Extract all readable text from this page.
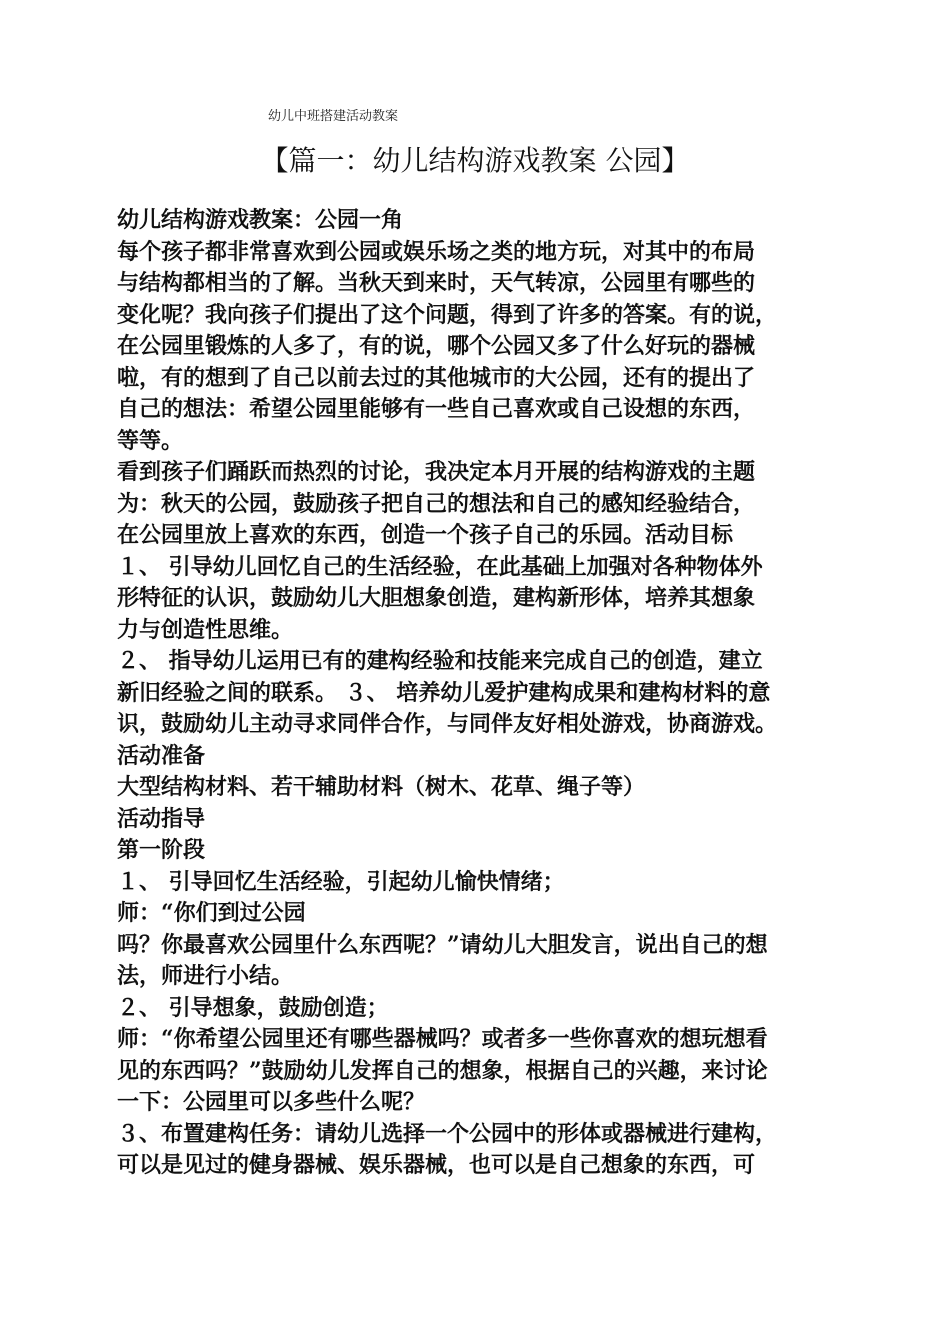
幼儿中班搭建活动教案
【篇一：幼儿结构游戏教案 公园】
幼儿结构游戏教案：公园一角
每个孩子都非常喜欢到公园或娱乐场之类的地方玩，对其中的布局
与结构都相当的了解。当秋天到来时，天气转凉，公园里有哪些的
变化呢？我向孩子们提出了这个问题，得到了许多的答案。有的说，
在公园里锻炼的人多了，有的说，哪个公园又多了什么好玩的器械
啦，有的想到了自己以前去过的其他城市的大公园，还有的提出了
自己的想法：希望公园里能够有一些自己喜欢或自己设想的东西，
等等。
看到孩子们踊跃而热烈的讨论，我决定本月开展的结构游戏的主题
为：秋天的公园，鼓励孩子把自己的想法和自己的感知经验结合，
在公园里放上喜欢的东西，创造一个孩子自己的乐园。活动目标
１、 引导幼儿回忆自己的生活经验，在此基础上加强对各种物体外
形特征的认识，鼓励幼儿大胆想象创造，建构新形体，培养其想象
力与创造性思维。
２、 指导幼儿运用已有的建构经验和技能来完成自己的创造，建立
新旧经验之间的联系。 ３、 培养幼儿爱护建构成果和建构材料的意
识，鼓励幼儿主动寻求同伴合作，与同伴友好相处游戏，协商游戏。
活动准备
大型结构材料、若干辅助材料（树木、花草、绳子等）
活动指导
第一阶段
１、 引导回忆生活经验，引起幼儿愉快情绪；
师：“你们到过公园
吗？你最喜欢公园里什么东西呢？”请幼儿大胆发言，说出自己的想
法，师进行小结。
２、 引导想象，鼓励创造；
师：“你希望公园里还有哪些器械吗？或者多一些你喜欢的想玩想看
见的东西吗？”鼓励幼儿发挥自己的想象，根据自己的兴趣，来讨论
一下：公园里可以多些什么呢？
３、布置建构任务：请幼儿选择一个公园中的形体或器械进行建构，
可以是见过的健身器械、娱乐器械，也可以是自己想象的东西，可
